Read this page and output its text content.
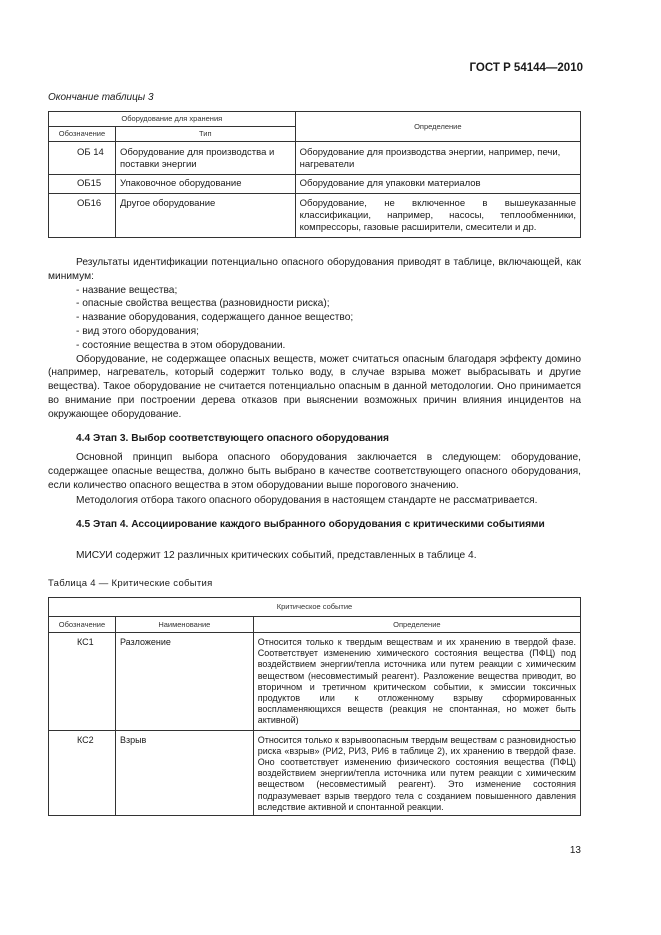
ГОСТ Р 54144—2010
Окончание таблицы 3
Оборудование для хранения		Определение
Обозначение	Тип	
ОБ 14	Оборудование для производства и поставки энергии	Оборудование для производства энергии, например, печи, нагреватели
ОБ15	Упаковочное оборудование	Оборудование для упаковки материалов
ОБ16	Другое оборудование	Оборудование, не включенное в вышеуказанные классификации, например, насосы, теплообменники, компрессоры, газовые расширители, смесители и др.

Результаты идентификации потенциально опасного оборудования приводят в таблице, включающей, как минимум:

- название вещества;

- опасные свойства вещества (разновидности риска);

- название оборудования, содержащего данное вещество;

- вид этого оборудования;

- состояние вещества в этом оборудовании.

Оборудование, не содержащее опасных веществ, может считаться опасным благодаря эффекту домино (например, нагреватель, который содержит только воду, в случае взрыва может выбрасывать и другие вещества). Такое оборудование не считается потенциально опасным в данной методологии. Оно принимается во внимание при построении дерева отказов при выяснении возможных причин влияния инцидентов на окружающее оборудование.

4.4 Этап 3. Выбор соответствующего опасного оборудования

Основной принцип выбора опасного оборудования заключается в следующем: оборудование, содержащее опасные вещества, должно быть выбрано в качестве соответствующего опасного оборудования, если количество опасного вещества в этом оборудовании выше порогового значению.

Методология отбора такого опасного оборудования в настоящем стандарте не рассматривается.

4.5 Этап 4. Ассоциирование каждого выбранного оборудования с критическими событиями

МИСУИ содержит 12 различных критических событий, представленных в таблице 4.

Таблица 4 — Критические события
Критическое событие		
Обозначение	Наименование	Определение
КС1	Разложение	Относится только к твердым веществам и их хранению в твердой фазе. Соответствует изменению химического состояния вещества (ПФЦ) под воздействием энергии/тепла источника или путем реакции с химическим веществом (несовместимый реагент). Разложение вещества приводит, во вторичном и третичном критическом событии, к эмиссии токсичных продуктов или к отложенному взрыву сформированных воспламеняющихся веществ (реакция не спонтанная, но может быть активной)
КС2	Взрыв	Относится только к взрывоопасным твердым веществам с разновидностью риска «взрыв» (РИ2, РИ3, РИ6 в таблице 2), их хранению в твердой фазе. Оно соответствует изменению физического состояния вещества (ПФЦ) воздействием энергии/тепла источника или путем реакции с химическим веществом (несовместимый реагент). Это изменение состояния подразумевает взрыв твердого тела с созданием повышенного давления вследствие активной и спонтанной реакции.
13
